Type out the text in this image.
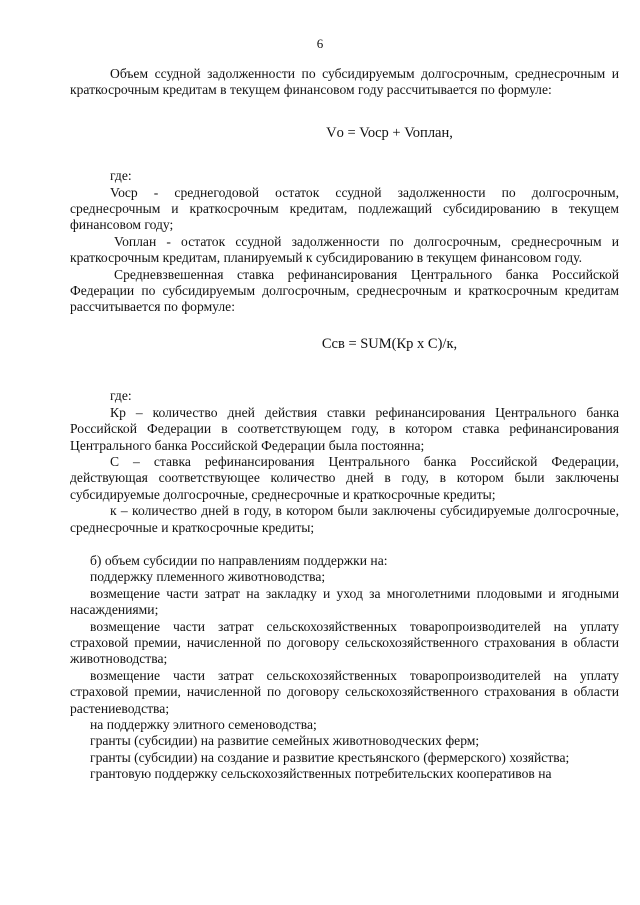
6

Объем ссудной задолженности по субсидируемым долгосрочным, среднесрочным и краткосрочным кредитам в текущем финансовом году рассчитывается по формуле:

Vо = Voср + Voплан,

где:

Voср - среднегодовой остаток ссудной задолженности по долгосрочным, среднесрочным и краткосрочным кредитам, подлежащий субсидированию в текущем финансовом году;

Voплан - остаток ссудной задолженности по долгосрочным, среднесрочным и краткосрочным кредитам, планируемый к субсидированию в текущем финансовом году.

Средневзвешенная ставка рефинансирования Центрального банка Российской Федерации по субсидируемым долгосрочным, среднесрочным и краткосрочным кредитам рассчитывается по формуле:

Cсв = SUM(Кр x С)/к,

где:

Кр – количество дней действия ставки рефинансирования Центрального банка Российской Федерации в соответствующем году, в котором ставка рефинансирования Центрального банка Российской Федерации была постоянна;

С – ставка рефинансирования Центрального банка Российской Федерации, действующая соответствующее количество дней в году, в котором были заключены субсидируемые долгосрочные, среднесрочные и краткосрочные кредиты;

к – количество дней в году, в котором были заключены субсидируемые долгосрочные, среднесрочные и краткосрочные кредиты;

б) объем субсидии по направлениям поддержки на:

поддержку племенного животноводства;

возмещение части затрат на закладку и уход за многолетними плодовыми и ягодными насаждениями;

возмещение части затрат сельскохозяйственных товаропроизводителей на уплату страховой премии, начисленной по договору сельскохозяйственного страхования в области животноводства;

возмещение части затрат сельскохозяйственных товаропроизводителей на уплату страховой премии, начисленной по договору сельскохозяйственного страхования в области растениеводства;

на поддержку элитного семеноводства;

гранты (субсидии) на развитие семейных животноводческих ферм;

гранты (субсидии) на создание и развитие крестьянского (фермерского) хозяйства;

грантовую поддержку сельскохозяйственных потребительских кооперативов на
